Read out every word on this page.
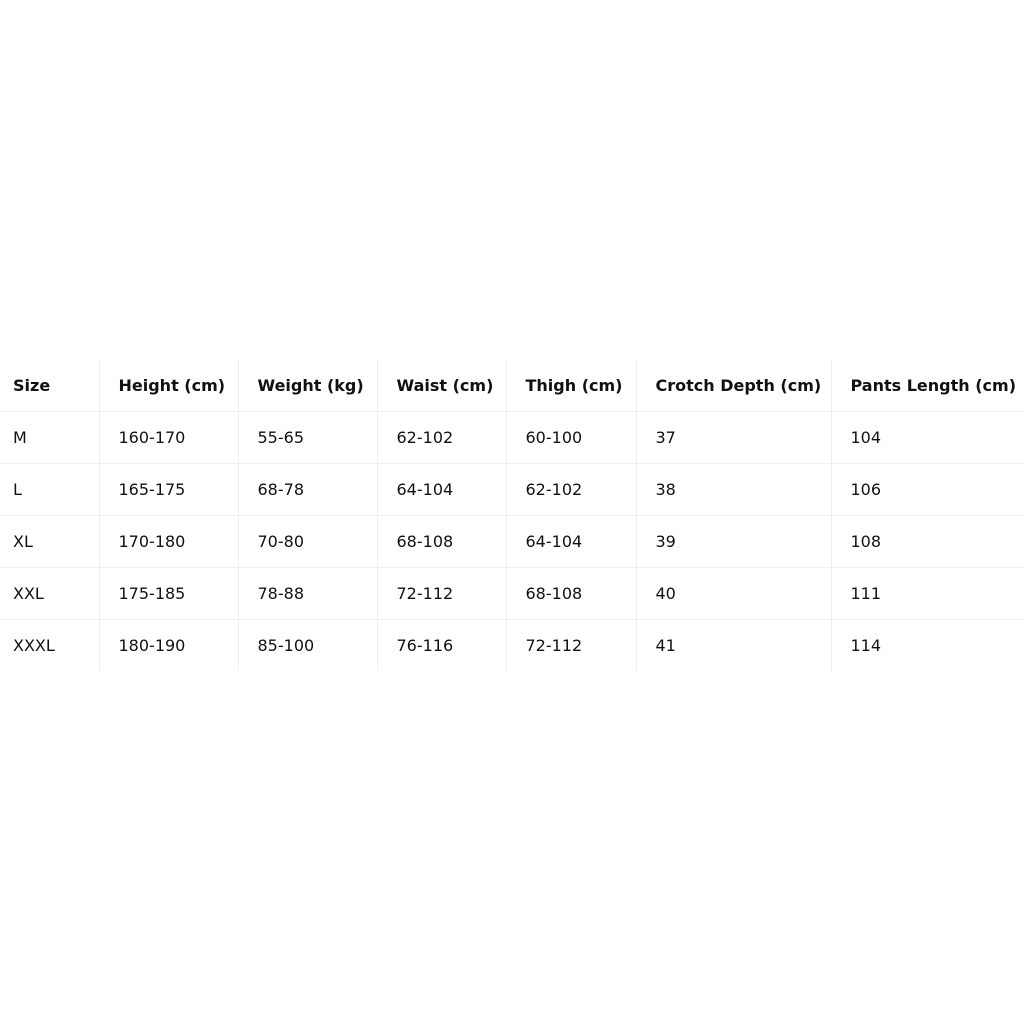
Size	Height (cm)	Weight (kg)	Waist (cm)	Thigh (cm)	Crotch Depth (cm)	Pants Length (cm)
M	160-170	55-65	62-102	60-100	37	104
L	165-175	68-78	64-104	62-102	38	106
XL	170-180	70-80	68-108	64-104	39	108
XXL	175-185	78-88	72-112	68-108	40	111
XXXL	180-190	85-100	76-116	72-112	41	114
